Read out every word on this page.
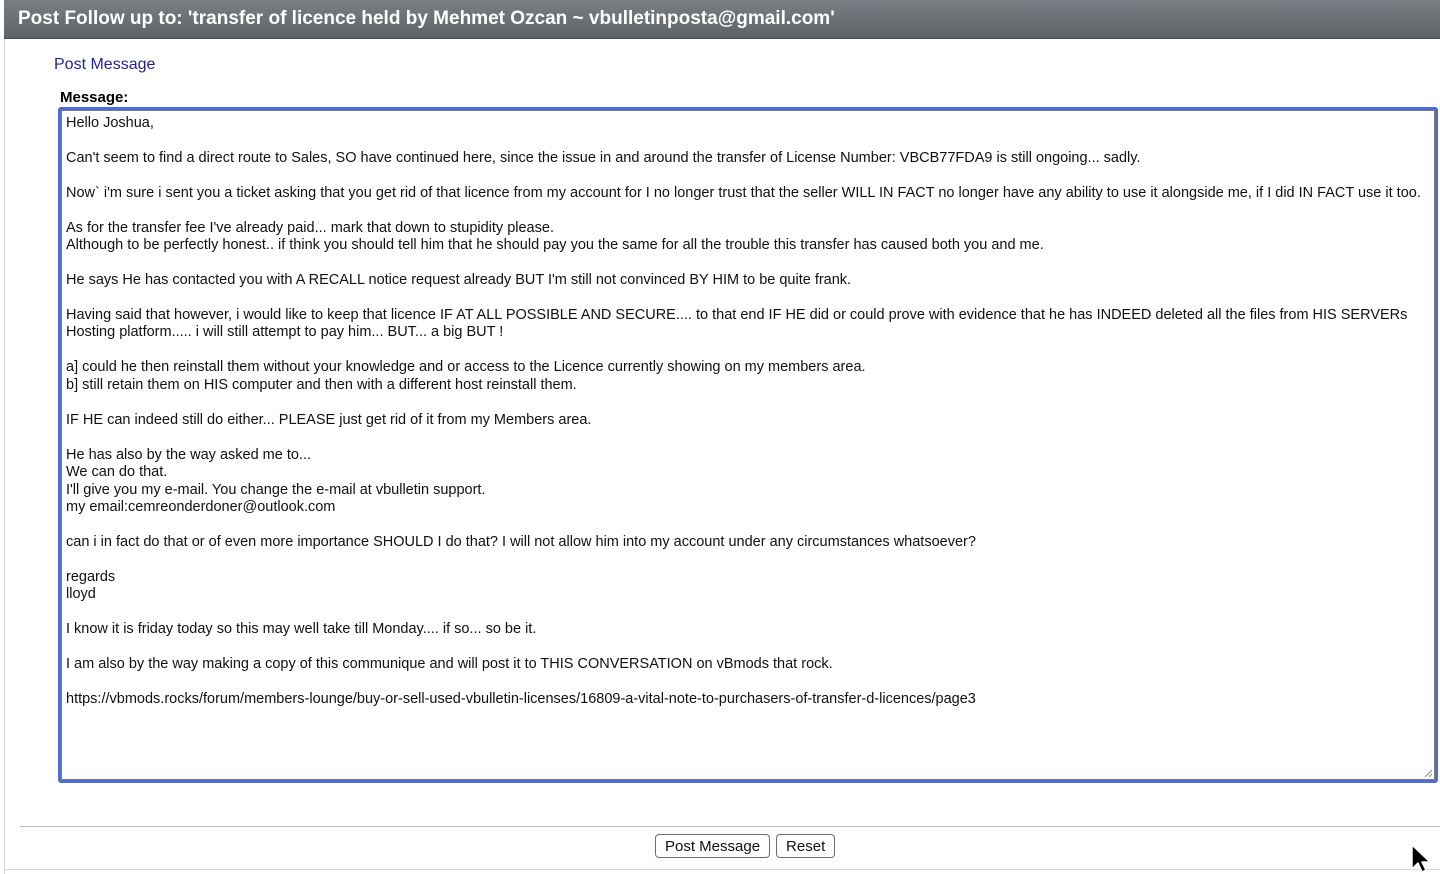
Post Follow up to: 'transfer of licence held by Mehmet Ozcan ~ vbulletinposta@gmail.com'
Post Message
Message:
Hello Joshua, Can't seem to find a direct route to Sales, SO have continued here, since the issue in and around the transfer of License Number: VBCB77FDA9 is still ongoing... sadly. Now` i'm sure i sent you a ticket asking that you get rid of that licence from my account for I no longer trust that the seller WILL IN FACT no longer have any ability to use it alongside me, if I did IN FACT use it too. As for the transfer fee I've already paid... mark that down to stupidity please. Although to be perfectly honest.. if think you should tell him that he should pay you the same for all the trouble this transfer has caused both you and me. He says He has contacted you with A RECALL notice request already BUT I'm still not convinced BY HIM to be quite frank. Having said that however, i would like to keep that licence IF AT ALL POSSIBLE AND SECURE.... to that end IF HE did or could prove with evidence that he has INDEED deleted all the files from HIS SERVERs Hosting platform..... i will still attempt to pay him... BUT... a big BUT ! a] could he then reinstall them without your knowledge and or access to the Licence currently showing on my members area. b] still retain them on HIS computer and then with a different host reinstall them. IF HE can indeed still do either... PLEASE just get rid of it from my Members area. He has also by the way asked me to... We can do that. I'll give you my e-mail. You change the e-mail at vbulletin support. my email:cemreonderdoner@outlook.com can i in fact do that or of even more importance SHOULD I do that? I will not allow him into my account under any circumstances whatsoever? regards lloyd I know it is friday today so this may well take till Monday.... if so... so be it. I am also by the way making a copy of this communique and will post it to THIS CONVERSATION on vBmods that rock. https://vbmods.rocks/forum/members-lounge/buy-or-sell-used-vbulletin-licenses/16809-a-vital-note-to-purchasers-of-transfer-d-licences/page3
Post Message	Reset
